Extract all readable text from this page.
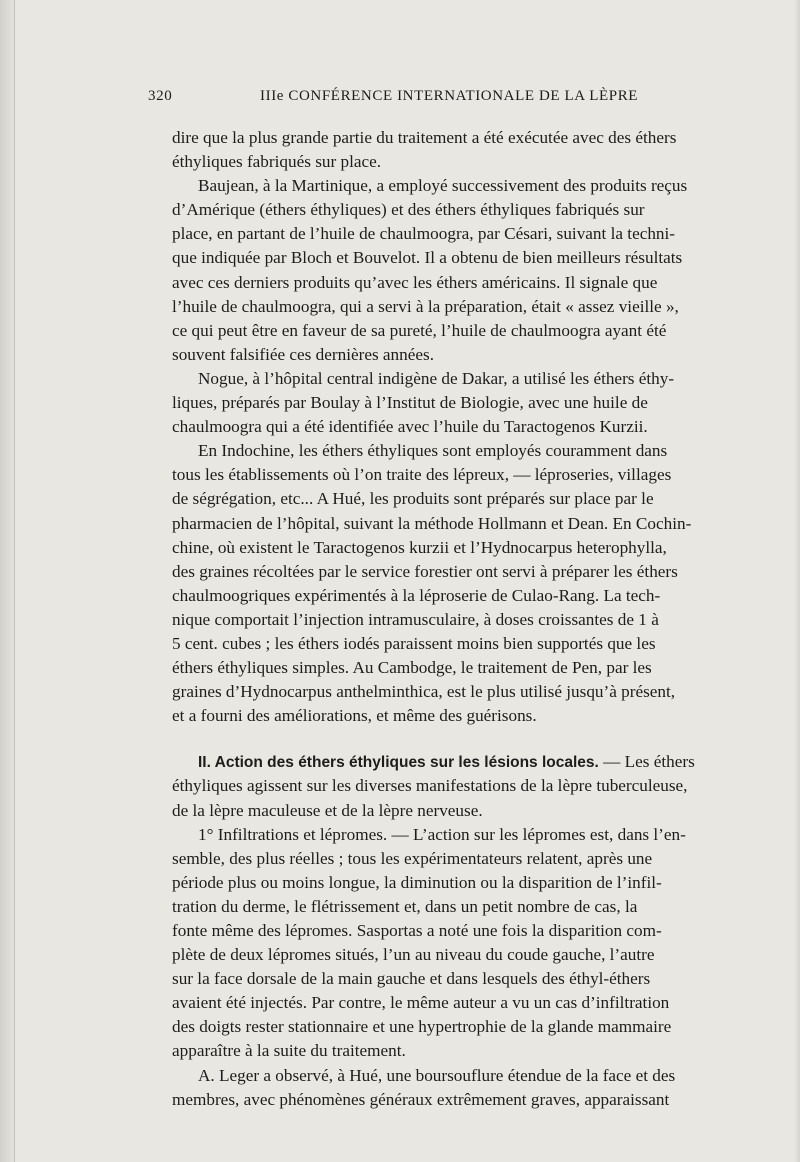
320	IIIe CONFÉRENCE INTERNATIONALE DE LA LÈPRE
dire que la plus grande partie du traitement a été exécutée avec des éthers
éthyliques fabriqués sur place.
Baujean, à la Martinique, a employé successivement des produits reçus
d’Amérique (éthers éthyliques) et des éthers éthyliques fabriqués sur
place, en partant de l’huile de chaulmoogra, par Césari, suivant la techni-
que indiquée par Bloch et Bouvelot. Il a obtenu de bien meilleurs résultats
avec ces derniers produits qu’avec les éthers américains. Il signale que
l’huile de chaulmoogra, qui a servi à la préparation, était « assez vieille »,
ce qui peut être en faveur de sa pureté, l’huile de chaulmoogra ayant été
souvent falsifiée ces dernières années.
Nogue, à l’hôpital central indigène de Dakar, a utilisé les éthers éthy-
liques, préparés par Boulay à l’Institut de Biologie, avec une huile de
chaulmoogra qui a été identifiée avec l’huile du Taractogenos Kurzii.
En Indochine, les éthers éthyliques sont employés couramment dans
tous les établissements où l’on traite des lépreux, — léproseries, villages
de ségrégation, etc... A Hué, les produits sont préparés sur place par le
pharmacien de l’hôpital, suivant la méthode Hollmann et Dean. En Cochin-
chine, où existent le Taractogenos kurzii et l’Hydnocarpus heterophylla,
des graines récoltées par le service forestier ont servi à préparer les éthers
chaulmoogriques expérimentés à la léproserie de Culao-Rang. La tech-
nique comportait l’injection intramusculaire, à doses croissantes de 1 à
5 cent. cubes ; les éthers iodés paraissent moins bien supportés que les
éthers éthyliques simples. Au Cambodge, le traitement de Pen, par les
graines d’Hydnocarpus anthelminthica, est le plus utilisé jusqu’à présent,
et a fourni des améliorations, et même des guérisons.
II. Action des éthers éthyliques sur les lésions locales. — Les éthers
éthyliques agissent sur les diverses manifestations de la lèpre tuberculeuse,
de la lèpre maculeuse et de la lèpre nerveuse.
1° Infiltrations et lépromes. — L’action sur les lépromes est, dans l’en-
semble, des plus réelles ; tous les expérimentateurs relatent, après une
période plus ou moins longue, la diminution ou la disparition de l’infil-
tration du derme, le flétrissement et, dans un petit nombre de cas, la
fonte même des lépromes. Sasportas a noté une fois la disparition com-
plète de deux lépromes situés, l’un au niveau du coude gauche, l’autre
sur la face dorsale de la main gauche et dans lesquels des éthyl-éthers
avaient été injectés. Par contre, le même auteur a vu un cas d’infiltration
des doigts rester stationnaire et une hypertrophie de la glande mammaire
apparaître à la suite du traitement.
A. Leger a observé, à Hué, une boursouflure étendue de la face et des
membres, avec phénomènes généraux extrêmement graves, apparaissant
